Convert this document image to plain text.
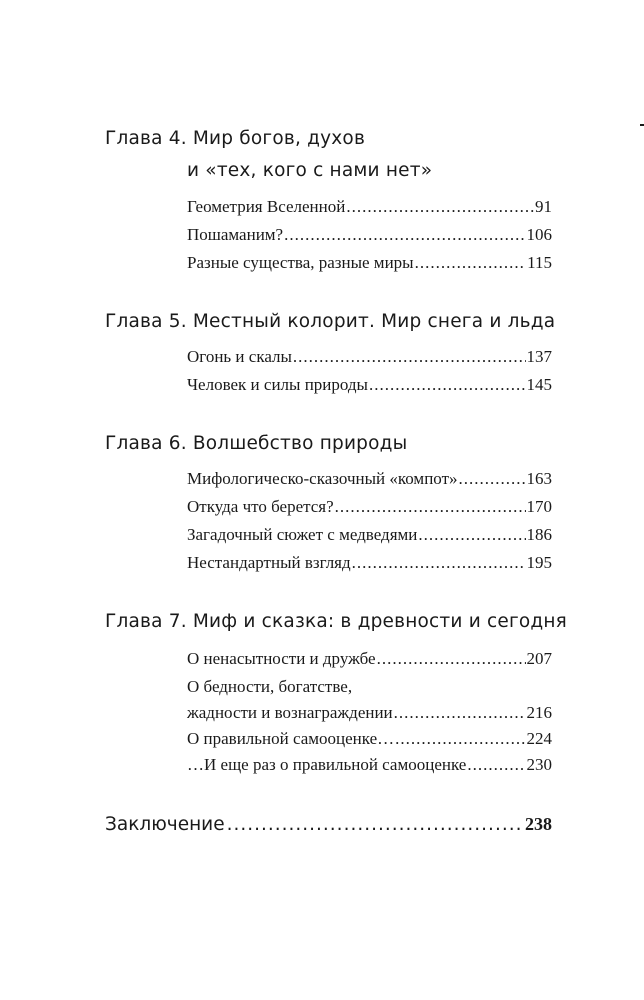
Глава 4. Мир богов, духов
и «тех, кого с нами нет»
Геометрия Вселенной .....	91
Пошаманим? .....	106
Разные существа, разные миры .....	115
Глава 5. Местный колорит. Мир снега и льда
Огонь и скалы .....	137
Человек и силы природы .....	145
Глава 6. Волшебство природы
Мифологическо-сказочный «компот» .....	163
Откуда что берется? .....	170
Загадочный сюжет с медведями .....	186
Нестандартный взгляд .....	195
Глава 7. Миф и сказка: в древности и сегодня
О ненасытности и дружбе .....	207
О бедности, богатстве,
жадности и вознаграждении .....	216
О правильной самооценке… .....	224
…И еще раз о правильной самооценке .....	230
Заключение .....	238
